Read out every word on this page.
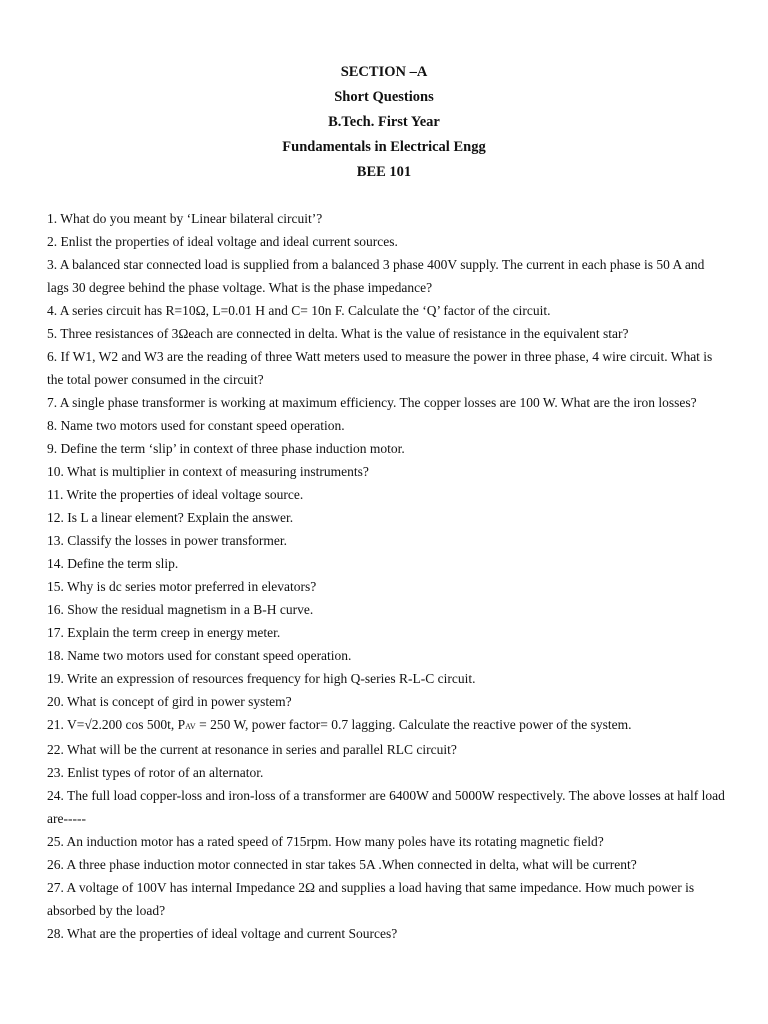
SECTION –A
Short Questions
B.Tech. First Year
Fundamentals in Electrical Engg
BEE 101

1. What do you meant by ‘Linear bilateral circuit’?

2. Enlist the properties of ideal voltage and ideal current sources.

3. A balanced star connected load is supplied from a balanced 3 phase 400V supply. The current in each phase is 50 A and lags 30 degree behind the phase voltage. What is the phase impedance?

4. A series circuit has R=10Ω, L=0.01 H and C= 10n F. Calculate the ‘Q’ factor of the circuit.

5. Three resistances of 3Ωeach are connected in delta. What is the value of resistance in the equivalent star?

6. If W1, W2 and W3 are the reading of three Watt meters used to measure the power in three phase, 4 wire circuit. What is the total power consumed in the circuit?

7. A single phase transformer is working at maximum efficiency. The copper losses are 100 W. What are the iron losses?

8. Name two motors used for constant speed operation.

9. Define the term ‘slip’ in context of three phase induction motor.

10. What is multiplier in context of measuring instruments?

11. Write the properties of ideal voltage source.

12. Is L a linear element? Explain the answer.

13. Classify the losses in power transformer.

14. Define the term slip.

15. Why is dc series motor preferred in elevators?

16. Show the residual magnetism in a B-H curve.

17. Explain the term creep in energy meter.

18. Name two motors used for constant speed operation.

19. Write an expression of resources frequency for high Q-series R-L-C circuit.

20. What is concept of gird in power system?

21. V=√2.200 cos 500t, PAV = 250 W, power factor= 0.7 lagging. Calculate the reactive power of the system.

22. What will be the current at resonance in series and parallel RLC circuit?

23. Enlist types of rotor of an alternator.

24. The full load copper-loss and iron-loss of a transformer are 6400W and 5000W respectively. The above losses at half load are-----

25. An induction motor has a rated speed of 715rpm. How many poles have its rotating magnetic field?

26. A three phase induction motor connected in star takes 5A .When connected in delta, what will be current?

27. A voltage of 100V has internal Impedance 2Ω and supplies a load having that same impedance. How much power is absorbed by the load?

28. What are the properties of ideal voltage and current Sources?
